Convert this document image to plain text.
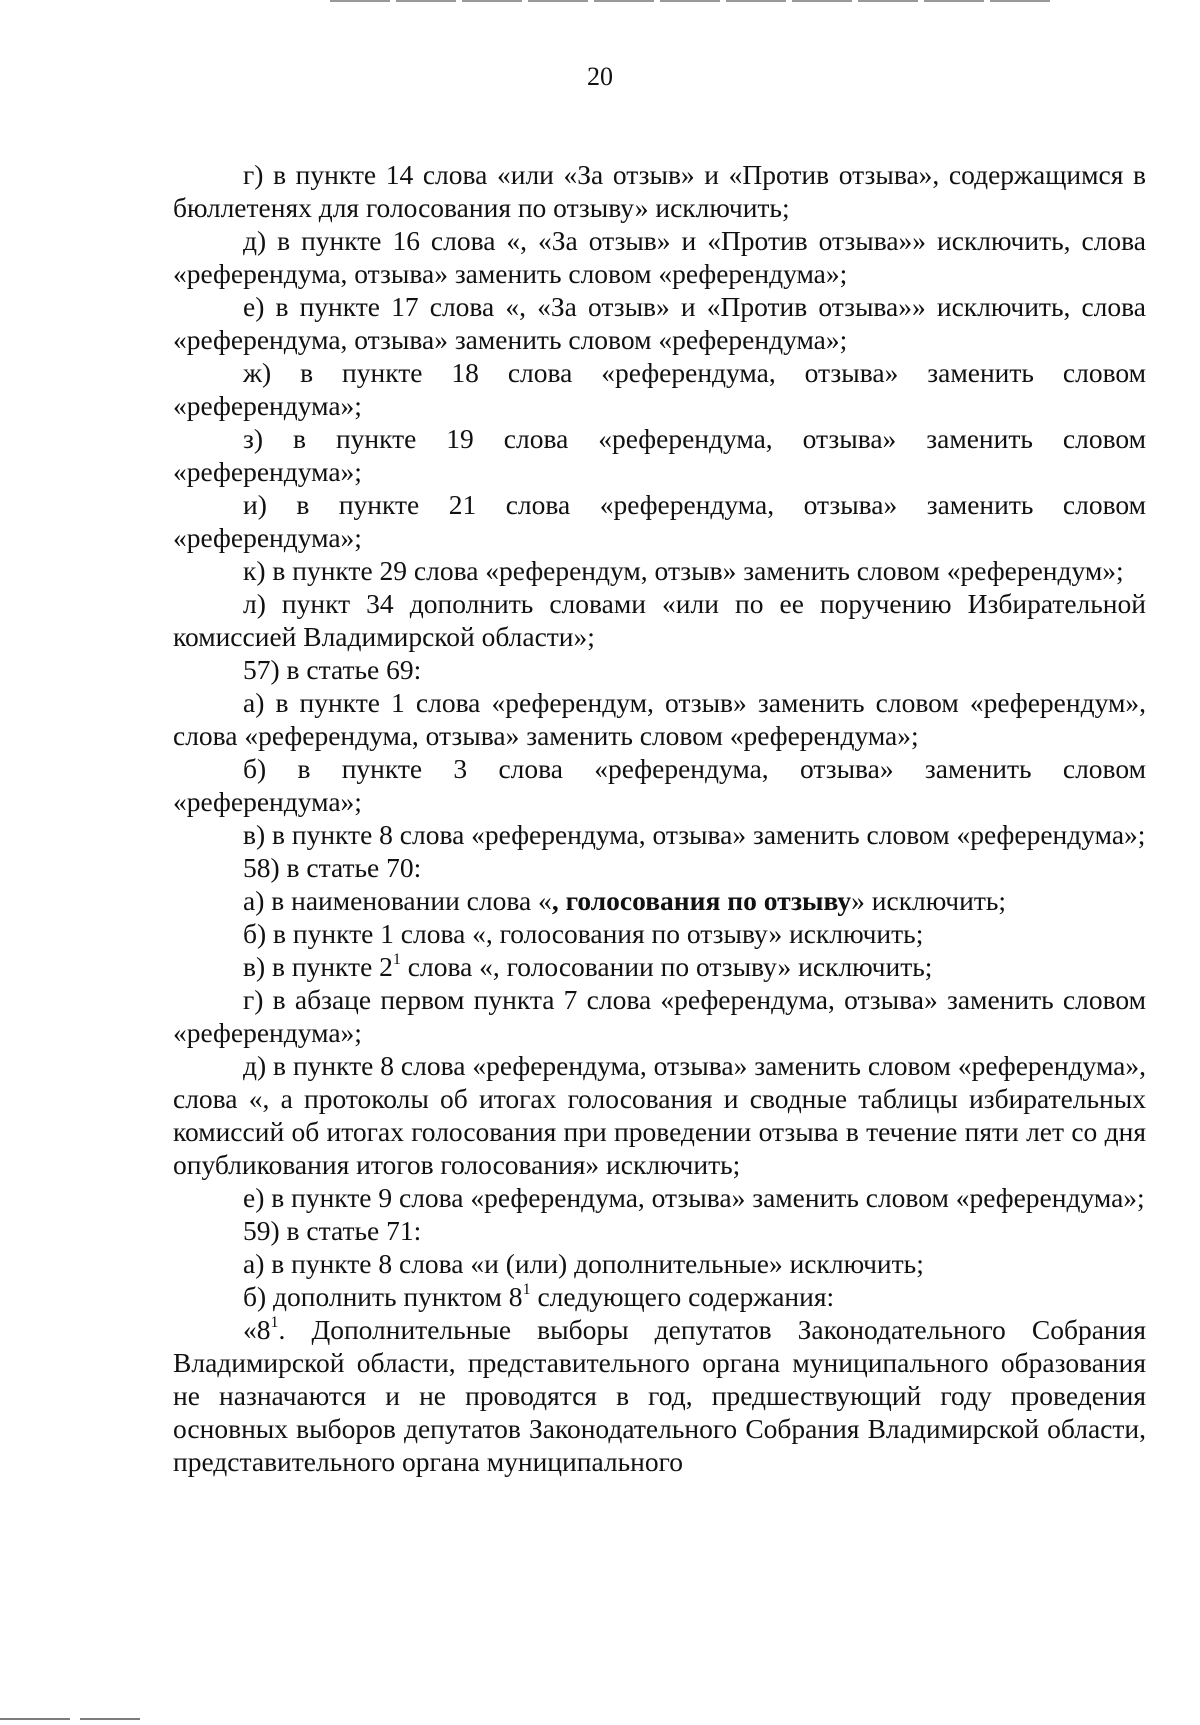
20

г) в пункте 14 слова «или «За отзыв» и «Против отзыва», содержащимся в бюллетенях для голосования по отзыву» исключить;

д) в пункте 16 слова «, «За отзыв» и «Против отзыва»» исключить, слова «референдума, отзыва» заменить словом «референдума»;

е) в пункте 17 слова «, «За отзыв» и «Против отзыва»» исключить, слова «референдума, отзыва» заменить словом «референдума»;

ж) в пункте 18 слова «референдума, отзыва» заменить словом «референдума»;

з) в пункте 19 слова «референдума, отзыва» заменить словом «референдума»;

и) в пункте 21 слова «референдума, отзыва» заменить словом «референдума»;

к) в пункте 29 слова «референдум, отзыв» заменить словом «референдум»;

л) пункт 34 дополнить словами «или по ее поручению Избирательной комиссией Владимирской области»;

57) в статье 69:

а) в пункте 1 слова «референдум, отзыв» заменить словом «референдум», слова «референдума, отзыва» заменить словом «референдума»;

б) в пункте 3 слова «референдума, отзыва» заменить словом «референдума»;

в) в пункте 8 слова «референдума, отзыва» заменить словом «референдума»;

58) в статье 70:

а) в наименовании слова «, голосования по отзыву» исключить;

б) в пункте 1 слова «, голосования по отзыву» исключить;

в) в пункте $2^1$ слова «, голосовании по отзыву» исключить;

г) в абзаце первом пункта 7 слова «референдума, отзыва» заменить словом «референдума»;

д) в пункте 8 слова «референдума, отзыва» заменить словом «референдума», слова «, а протоколы об итогах голосования и сводные таблицы избирательных комиссий об итогах голосования при проведении отзыва в течение пяти лет со дня опубликования итогов голосования» исключить;

е) в пункте 9 слова «референдума, отзыва» заменить словом «референдума»;

59) в статье 71:

а) в пункте 8 слова «и (или) дополнительные» исключить;

б) дополнить пунктом $8^1$ следующего содержания:

«$8^1$. Дополнительные выборы депутатов Законодательного Собрания Владимирской области, представительного органа муниципального образования не назначаются и не проводятся в год, предшествующий году проведения основных выборов депутатов Законодательного Собрания Владимирской области, представительного органа муниципального
